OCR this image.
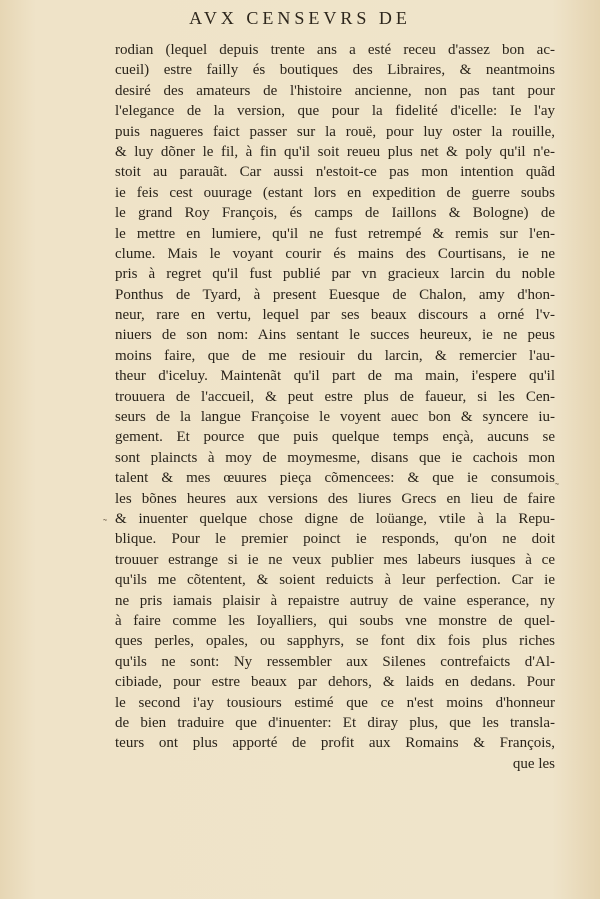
AVX CENSEVRS DE
˜
˜
rodian (lequel depuis trente ans a esté receu d'assez bon ac-
cueil) estre failly és boutiques des Libraires, & neantmoins
desiré des amateurs de l'histoire ancienne, non pas tant pour
l'elegance de la version, que pour la fidelité d'icelle: Ie l'ay
puis nagueres faict passer sur la rouë, pour luy oster la rouille,
& luy dõner le fil, à fin qu'il soit reueu plus net & poly qu'il n'e-
stoit au parauãt. Car aussi n'estoit-ce pas mon intention quãd
ie feis cest ouurage (estant lors en expedition de guerre soubs
le grand Roy François, és camps de Iaillons & Bologne) de
le mettre en lumiere, qu'il ne fust retrempé & remis sur l'en-
clume. Mais le voyant courir és mains des Courtisans, ie ne
pris à regret qu'il fust publié par vn gracieux larcin du noble
Ponthus de Tyard, à present Euesque de Chalon, amy d'hon-
neur, rare en vertu, lequel par ses beaux discours a orné l'v-
niuers de son nom: Ains sentant le succes heureux, ie ne peus
moins faire, que de me resiouir du larcin, & remercier l'au-
theur d'iceluy. Maintenãt qu'il part de ma main, i'espere qu'il
trouuera de l'accueil, & peut estre plus de faueur, si les Cen-
seurs de la langue Françoise le voyent auec bon & syncere iu-
gement. Et pource que puis quelque temps ençà, aucuns se
sont plaincts à moy de moymesme, disans que ie cachois mon
talent & mes œuures pieça cõmencees: & que ie consumois
les bõnes heures aux versions des liures Grecs en lieu de faire
& inuenter quelque chose digne de loüange, vtile à la Repu-
blique. Pour le premier poinct ie responds, qu'on ne doit
trouuer estrange si ie ne veux publier mes labeurs iusques à ce
qu'ils me cõtentent, & soient reduicts à leur perfection. Car ie
ne pris iamais plaisir à repaistre autruy de vaine esperance, ny
à faire comme les Ioyalliers, qui soubs vne monstre de quel-
ques perles, opales, ou sapphyrs, se font dix fois plus riches
qu'ils ne sont: Ny ressembler aux Silenes contrefaicts d'Al-
cibiade, pour estre beaux par dehors, & laids en dedans. Pour
le second i'ay tousiours estimé que ce n'est moins d'honneur
de bien traduire que d'inuenter: Et diray plus, que les transla-
teurs ont plus apporté de profit aux Romains & François,
que les
